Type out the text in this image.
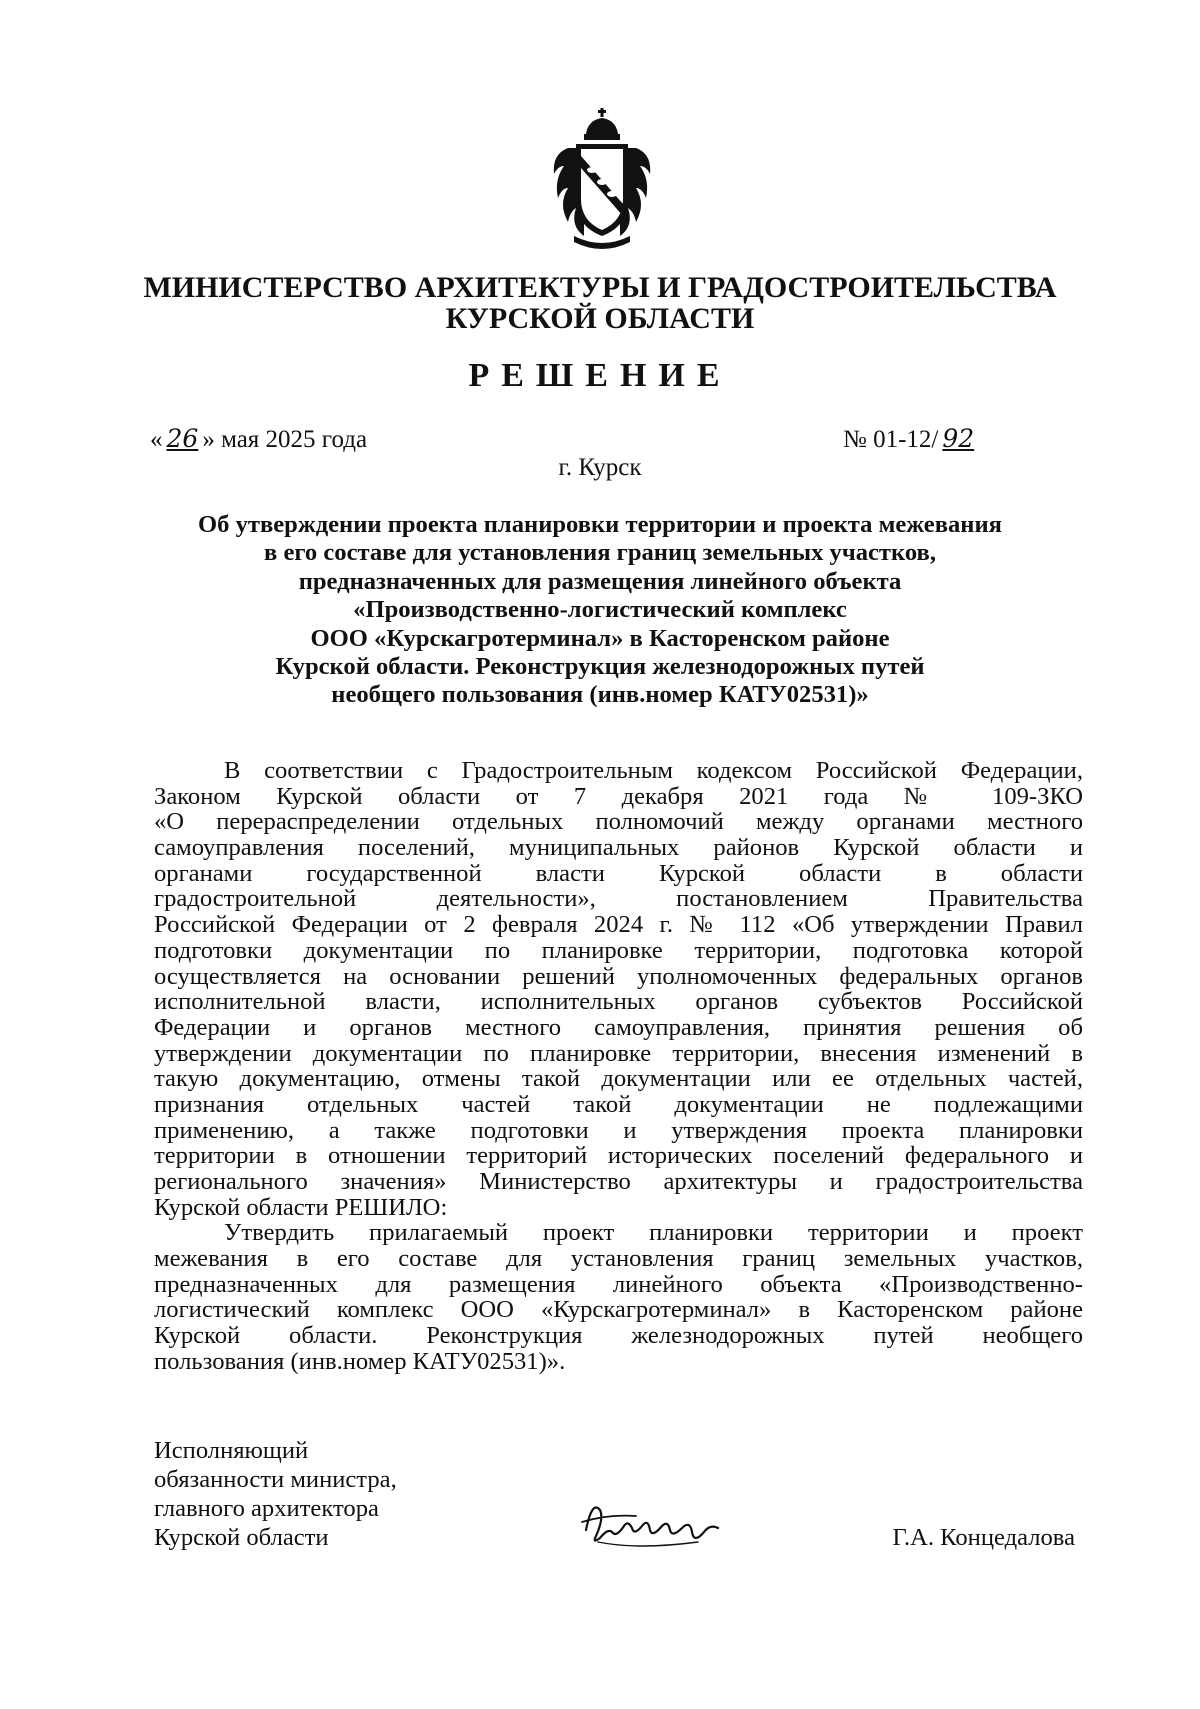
МИНИСТЕРСТВО АРХИТЕКТУРЫ И ГРАДОСТРОИТЕЛЬСТВА
КУРСКОЙ ОБЛАСТИ
РЕШЕНИЕ
« 26 » мая 2025 года	№ 01-12/ 92
г. Курск
Об утверждении проекта планировки территории и проекта межевания
в его составе для установления границ земельных участков,
предназначенных для размещения линейного объекта
«Производственно-логистический комплекс
ООО «Курскагротерминал» в Касторенском районе
Курской области. Реконструкция железнодорожных путей
необщего пользования (инв.номер КАТУ02531)»
В соответствии с Градостроительным кодексом Российской Федерации,
Законом Курской области от 7 декабря 2021 года № 109-ЗКО
«О перераспределении отдельных полномочий между органами местного
самоуправления поселений, муниципальных районов Курской области и
органами государственной власти Курской области в области
градостроительной деятельности», постановлением Правительства
Российской Федерации от 2 февраля 2024 г. № 112 «Об утверждении Правил
подготовки документации по планировке территории, подготовка которой
осуществляется на основании решений уполномоченных федеральных органов
исполнительной власти, исполнительных органов субъектов Российской
Федерации и органов местного самоуправления, принятия решения об
утверждении документации по планировке территории, внесения изменений в
такую документацию, отмены такой документации или ее отдельных частей,
признания отдельных частей такой документации не подлежащими
применению, а также подготовки и утверждения проекта планировки
территории в отношении территорий исторических поселений федерального и
регионального значения» Министерство архитектуры и градостроительства
Курской области РЕШИЛО:
Утвердить прилагаемый проект планировки территории и проект
межевания в его составе для установления границ земельных участков,
предназначенных для размещения линейного объекта «Производственно-
логистический комплекс ООО «Курскагротерминал» в Касторенском районе
Курской области. Реконструкция железнодорожных путей необщего
пользования (инв.номер КАТУ02531)».
Исполняющий
обязанности министра,
главного архитектора
Курской области	Г.А. Концедалова
